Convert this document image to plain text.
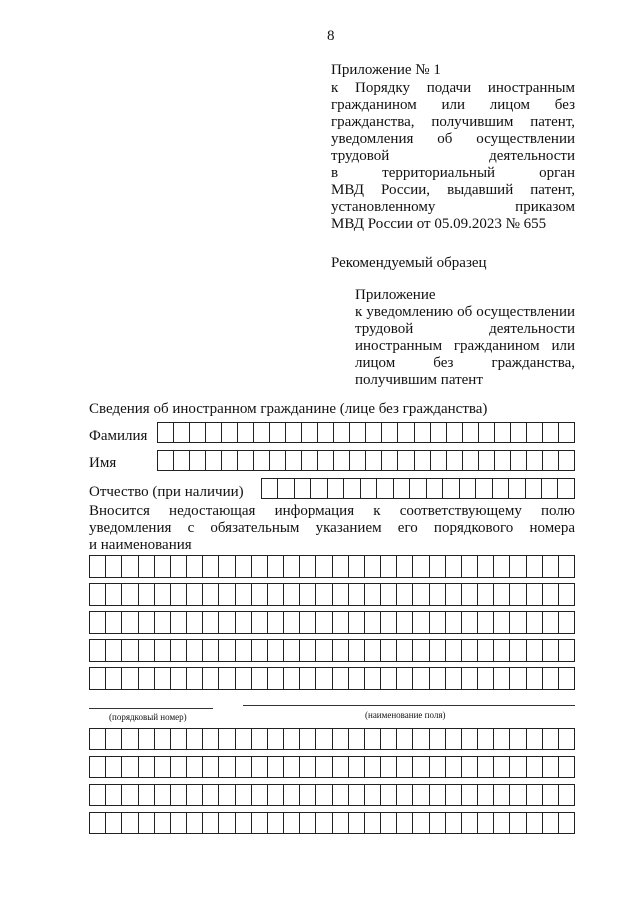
8
Приложение № 1
к Порядку подачи иностранным
гражданином или лицом без
гражданства, получившим патент,
уведомления об осуществлении
трудовой деятельности
в территориальный орган
МВД России, выдавший патент,
установленному приказом
МВД России от 05.09.2023 № 655
Рекомендуемый образец
Приложение
к уведомлению об осуществлении
трудовой деятельности
иностранным гражданином или
лицом без гражданства,
получившим патент
Сведения об иностранном гражданине (лице без гражданства)
Фамилия
Имя
Отчество (при наличии)
Вносится недостающая информация к соответствующему полю
уведомления с обязательным указанием его порядкового номера
и наименования
(порядковый номер)	(наименование поля)
